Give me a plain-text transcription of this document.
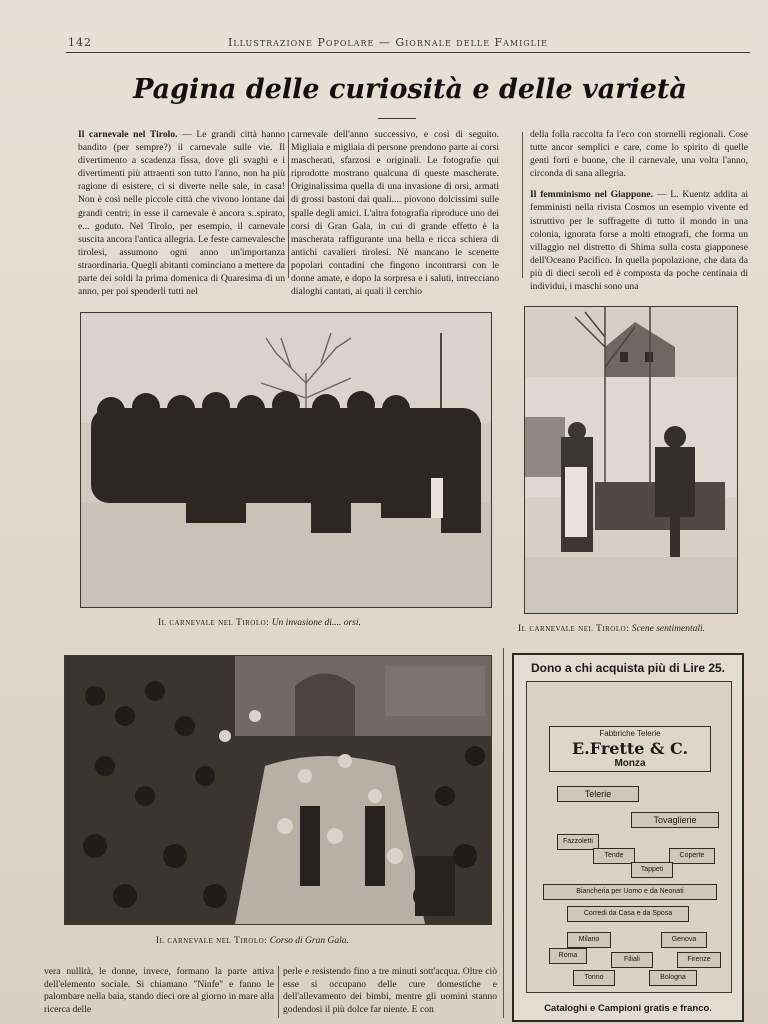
142	Illustrazione Popolare — Giornale delle Famiglie
Pagina delle curiosità e delle varietà
Il carnevale nel Tirolo. — Le grandi città hanno bandito (per sempre?) il carnevale sulle vie. Il divertimento a scadenza fissa, dove gli svaghi e i divertimenti più attraenti son tutto l'anno, non ha più ragione di esistere, ci si diverte nelle sale, in casa! Non è così nelle piccole città che vivono lontane dai grandi centri; in esse il carnevale è ancora s..spirato, e... goduto. Nel Tirolo, per esempio, il carnevale suscita ancora l'antica allegria. Le feste carnevalesche tirolesi, assumono ogni anno un'importanza straordinaria. Quegli abitanti cominciano a mettere da parte dei soldi la prima domenica di Quaresima di un anno, per poi spenderli tutti nel
carnevale dell'anno successivo, e così di seguito. Migliaia e migliaia di persone prendono parte ai corsi mascherati, sfarzosi e originali. Le fotografie qui riprodotte mostrano qualcuna di queste mascherate. Originalissima quella di una invasione di orsi, armati di grossi bastoni dai quali.... piovono dolcissimi sulle spalle degli amici. L'altra fotografia riproduce uno dei corsi di Gran Gala, in cui di grande effetto è la mascherata raffigurante una bella e ricca schiera di antichi cavalieri tirolesi. Nè mancano le scenette popolari contadini che fingono incontrarsi con le donne amate, e dopo la sorpresa e i saluti, intrecciano dialoghi cantati, ai quali il cerchio
della folla raccolta fa l'eco con stornelli regionali. Cose tutte ancor semplici e care, come lo spirito di quelle genti forti e buone, che il carnevale, una volta l'anno, circonda di sana allegria.
Il femminismo nel Giappone. — L. Kuentz addita ai femministi nella rivista Cosmos un esempio vivente ed istruttivo per le suffragette di tutto il mondo in una colonia, ignorata forse a molti etnografi, che forma un villaggio nel distretto di Shima sulla costa giapponese dell'Oceano Pacifico. In quella popolazione, che data da più di dieci secoli ed è composta da poche centinaia di individui, i maschi sono una
Il carnevale nel Tirolo: Un invasione di.... orsi.
Il carnevale nel Tirolo: Scene sentimentali.
Il carnevale nel Tirolo: Corso di Gran Gala.
Dono a chi acquista più di Lire 25.
Fabbriche Telerie
E.Frette & C.
Monza
Telerie
Tovaglierie
Fazzoletti
Tende	Coperte
Tappeti
Biancheria per Uomo e da Neonati
Corredi da Casa e da Sposa
Milano	Genova
Roma
Filiali	Firenze
Torino	Bologna
Cataloghi e Campioni gratis e franco.
vera nullità, le donne, invece, formano la parte attiva dell'elemento sociale. Si chiamano "Ninfe" e fanno le palombare nella baia, stando dieci ore al giorno in mare alla ricerca delle
perle e resistendo fino a tre minuti sott'acqua. Oltre ciò esse si occupano delle cure domestiche e dell'allevamento dei bimbi, mentre gli uomini stanno godendosi il più dolce far niente. E con
